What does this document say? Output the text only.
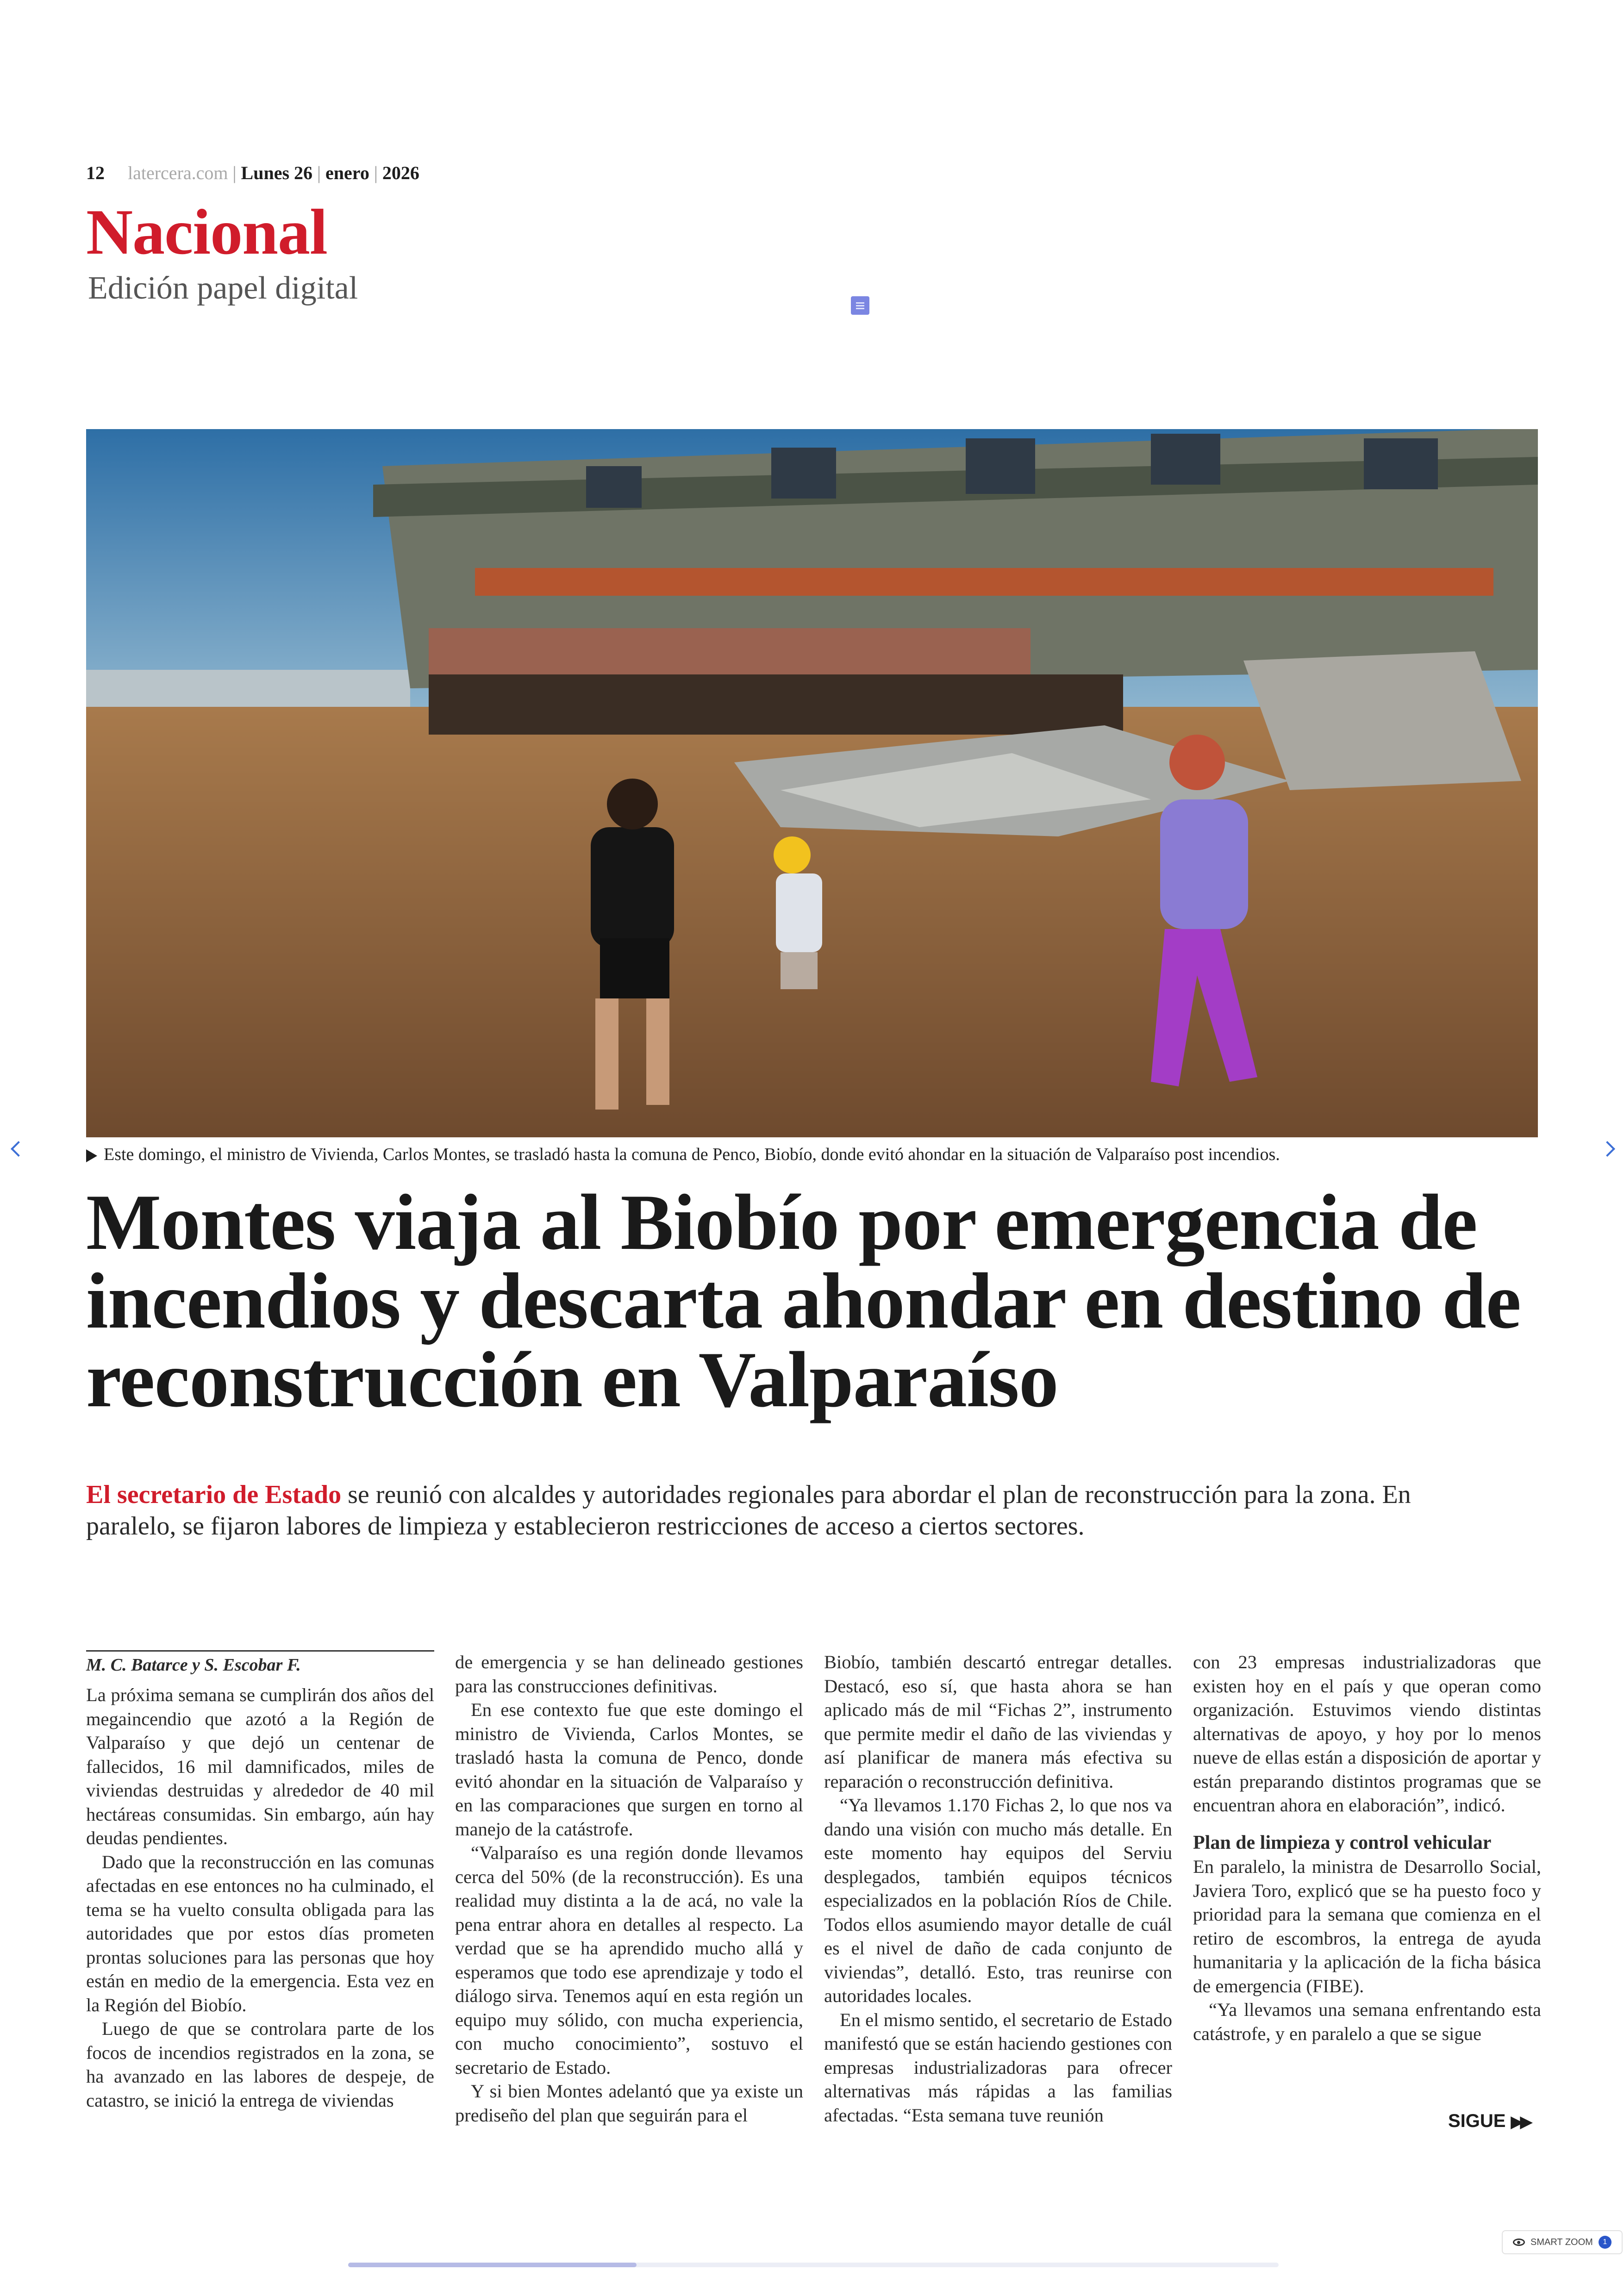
12 latercera.com | Lunes 26 | enero | 2026
Nacional
Edición papel digital
Este domingo, el ministro de Vivienda, Carlos Montes, se trasladó hasta la comuna de Penco, Biobío, donde evitó ahondar en la situación de Valparaíso post incendios.
Montes viaja al Biobío por emergencia de incendios y descarta ahondar en destino de reconstrucción en Valparaíso
El secretario de Estado se reunió con alcaldes y autoridades regionales para abordar el plan de reconstrucción para la zona. En paralelo, se fijaron labores de limpieza y establecieron restricciones de acceso a ciertos sectores.

M. C. Batarce y S. Escobar F.

La próxima semana se cumplirán dos años del megaincendio que azotó a la Región de Valparaíso y que dejó un centenar de fallecidos, 16 mil damnificados, miles de viviendas destruidas y alrededor de 40 mil hectáreas consumidas. Sin embargo, aún hay deudas pendientes.

Dado que la reconstrucción en las comunas afectadas en ese entonces no ha culminado, el tema se ha vuelto consulta obligada para las autoridades que por estos días prometen prontas soluciones para las personas que hoy están en medio de la emergencia. Esta vez en la Región del Biobío.

Luego de que se controlara parte de los focos de incendios registrados en la zona, se ha avanzado en las labores de despeje, de catastro, se inició la entrega de viviendas

de emergencia y se han delineado gestiones para las construcciones definitivas.

En ese contexto fue que este domingo el ministro de Vivienda, Carlos Montes, se trasladó hasta la comuna de Penco, donde evitó ahondar en la situación de Valparaíso y en las comparaciones que surgen en torno al manejo de la catástrofe.

“Valparaíso es una región donde llevamos cerca del 50% (de la reconstrucción). Es una realidad muy distinta a la de acá, no vale la pena entrar ahora en detalles al respecto. La verdad que se ha aprendido mucho allá y esperamos que todo ese aprendizaje y todo el diálogo sirva. Tenemos aquí en esta región un equipo muy sólido, con mucha experiencia, con mucho conocimiento”, sostuvo el secretario de Estado.

Y si bien Montes adelantó que ya existe un prediseño del plan que seguirán para el

Biobío, también descartó entregar detalles. Destacó, eso sí, que hasta ahora se han aplicado más de mil “Fichas 2”, instrumento que permite medir el daño de las viviendas y así planificar de manera más efectiva su reparación o reconstrucción definitiva.

“Ya llevamos 1.170 Fichas 2, lo que nos va dando una visión con mucho más detalle. En este momento hay equipos del Serviu desplegados, también equipos técnicos especializados en la población Ríos de Chile. Todos ellos asumiendo mayor detalle de cuál es el nivel de daño de cada conjunto de viviendas”, detalló. Esto, tras reunirse con autoridades locales.

En el mismo sentido, el secretario de Estado manifestó que se están haciendo gestiones con empresas industrializadoras para ofrecer alternativas más rápidas a las familias afectadas. “Esta semana tuve reunión

con 23 empresas industrializadoras que existen hoy en el país y que operan como organización. Estuvimos viendo distintas alternativas de apoyo, y hoy por lo menos nueve de ellas están a disposición de aportar y están preparando distintos programas que se encuentran ahora en elaboración”, indicó.

Plan de limpieza y control vehicular

En paralelo, la ministra de Desarrollo Social, Javiera Toro, explicó que se ha puesto foco y prioridad para la semana que comienza en el retiro de escombros, la entrega de ayuda humanitaria y la aplicación de la ficha básica de emergencia (FIBE).

“Ya llevamos una semana enfrentando esta catástrofe, y en paralelo a que se sigue

SIGUE ▶▶
SMART ZOOM	1
